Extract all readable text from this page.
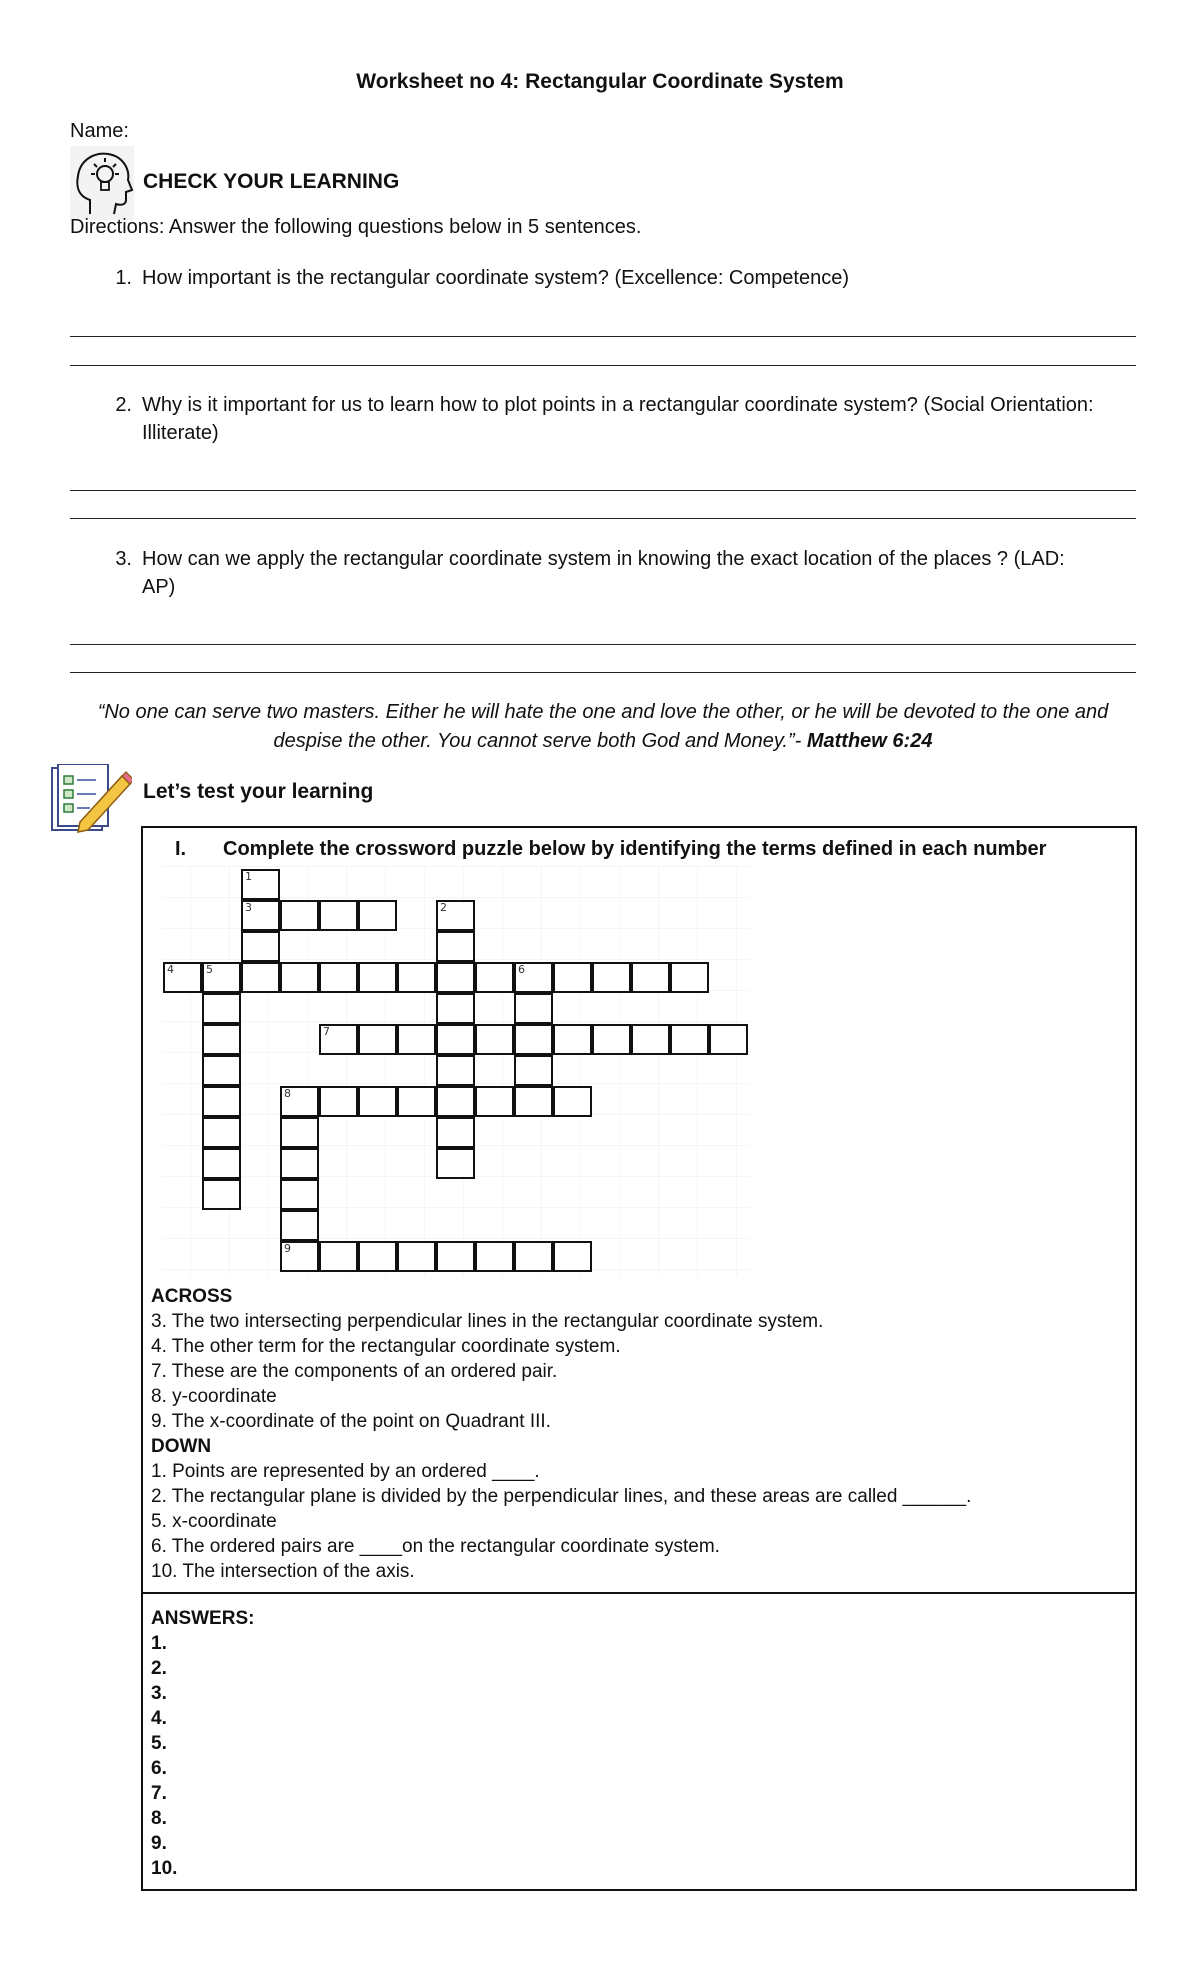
Worksheet no 4: Rectangular Coordinate System
Name:
CHECK YOUR LEARNING
Directions: Answer the following questions below in 5 sentences.
1. How important is the rectangular coordinate system? (Excellence: Competence)
2. Why is it important for us to learn how to plot points in a rectangular coordinate system? (Social Orientation: Illiterate)
3. How can we apply the rectangular coordinate system in knowing the exact location of the places ? (LAD: AP)
“No one can serve two masters. Either he will hate the one and love the other, or he will be devoted to the one and despise the other. You cannot serve both God and Money.”- Matthew 6:24
Let’s test your learning
I. Complete the crossword puzzle below by identifying the terms defined in each number
1
3	2
4	5	6
7
8
9
ACROSS
3. The two intersecting perpendicular lines in the rectangular coordinate system.
4. The other term for the rectangular coordinate system.
7. These are the components of an ordered pair.
8. y-coordinate
9. The x-coordinate of the point on Quadrant III.
DOWN
1. Points are represented by an ordered ____.
2. The rectangular plane is divided by the perpendicular lines, and these areas are called ______.
5. x-coordinate
6. The ordered pairs are ____on the rectangular coordinate system.
10. The intersection of the axis.
ANSWERS:
1.
2.
3.
4.
5.
6.
7.
8.
9.
10.
